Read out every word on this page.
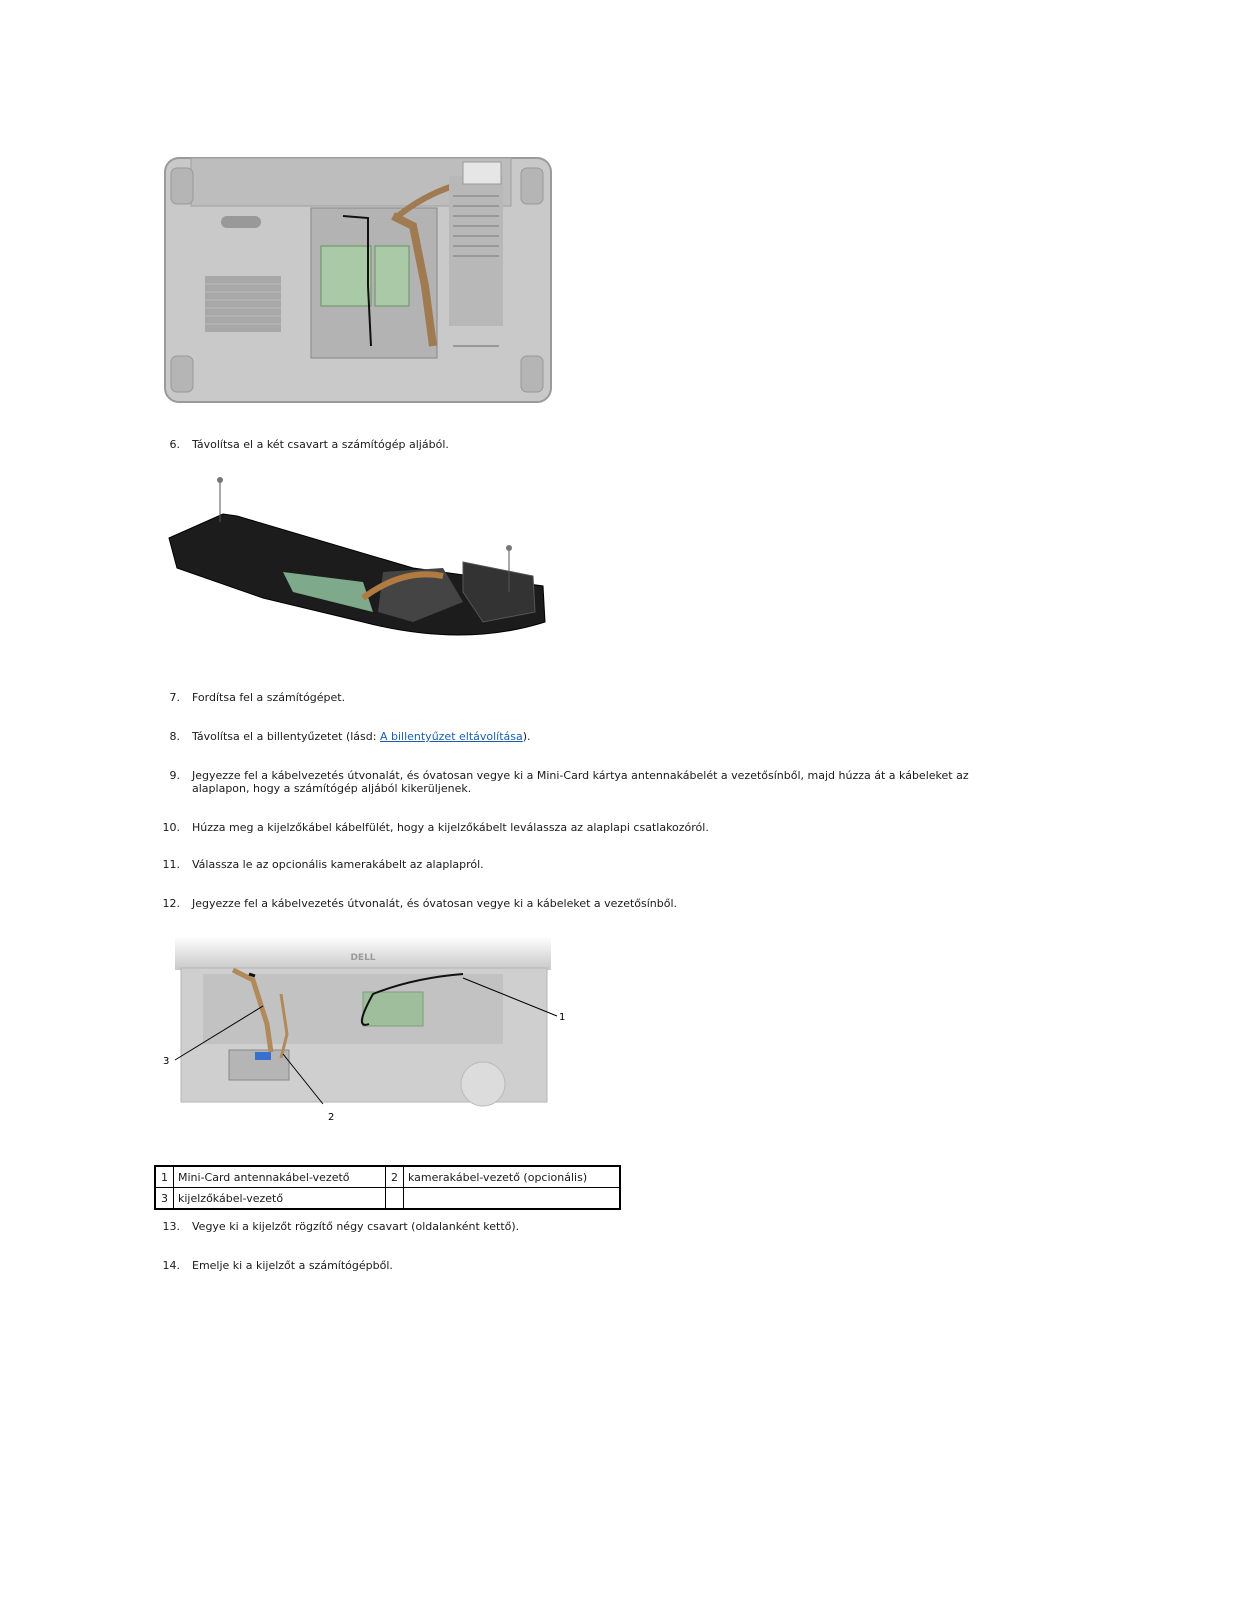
6. Távolítsa el a két csavart a számítógép aljából.
7. Fordítsa fel a számítógépet.
8. Távolítsa el a billentyűzetet (lásd: A billentyűzet eltávolítása).
9. Jegyezze fel a kábelvezetés útvonalát, és óvatosan vegye ki a Mini-Card kártya antennakábelét a vezetősínből, majd húzza át a kábeleket az alaplapon, hogy a számítógép aljából kikerüljenek.
10. Húzza meg a kijelzőkábel kábelfülét, hogy a kijelzőkábelt leválassza az alaplapi csatlakozóról.
11. Válassza le az opcionális kamerakábelt az alaplapról.
12. Jegyezze fel a kábelvezetés útvonalát, és óvatosan vegye ki a kábeleket a vezetősínből.
DELL
1
2
3
1	Mini-Card antennakábel-vezető	2	kamerakábel-vezető (opcionális)
3	kijelzőkábel-vezető		
13. Vegye ki a kijelzőt rögzítő négy csavart (oldalanként kettő).
14. Emelje ki a kijelzőt a számítógépből.
